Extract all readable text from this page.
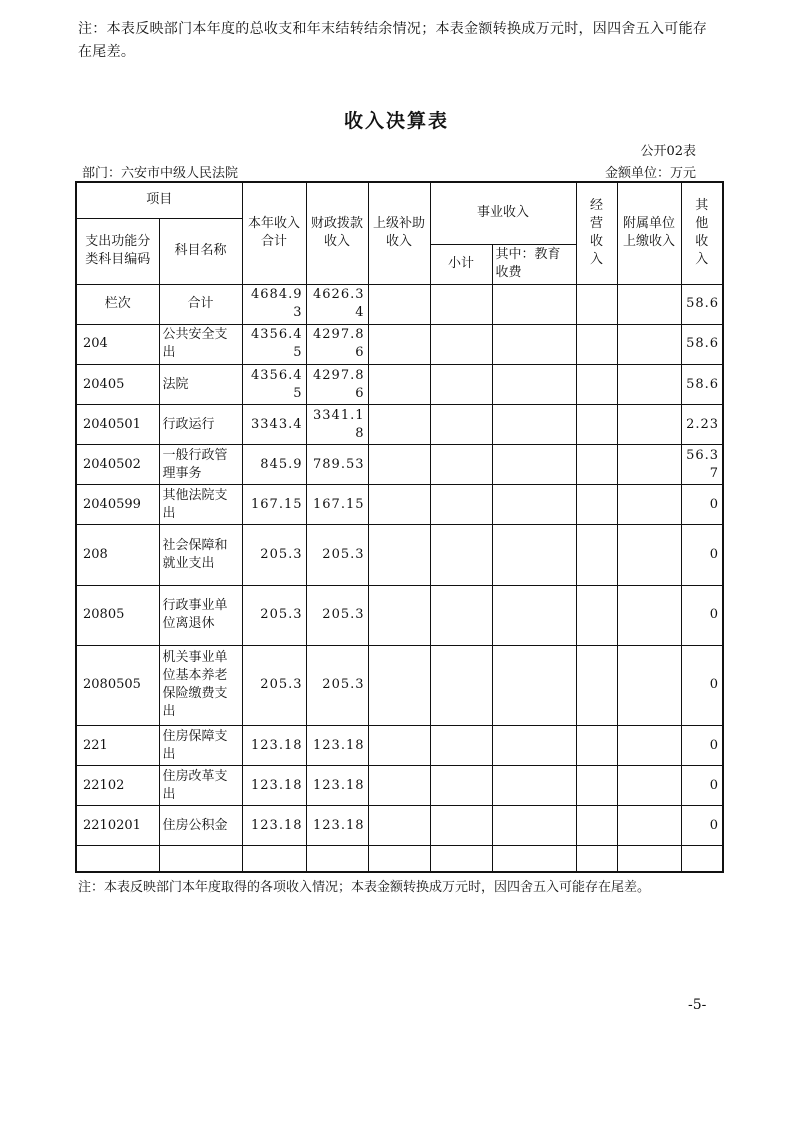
注：本表反映部门本年度的总收支和年末结转结余情况；本表金额转换成万元时，因四舍五入可能存在尾差。
收入决算表
公开02表
部门：六安市中级人民法院	金额单位：万元
项目		本年收入合计	财政拨款收入	上级补助收入	事业收入		经营收入	附属单位上缴收入	其他收入
支出功能分类科目编码	科目名称								
					小计	其中：教育收费			
栏次	合计	4684.93	4626.34						58.6
204	公共安全支出	4356.45	4297.86						58.6
20405	法院	4356.45	4297.86						58.6
2040501	行政运行	3343.4	3341.18						2.23
2040502	一般行政管理事务	845.9	789.53						56.37
2040599	其他法院支出	167.15	167.15						0
208	社会保障和就业支出	205.3	205.3						0
20805	行政事业单位离退休	205.3	205.3						0
2080505	机关事业单位基本养老保险缴费支出	205.3	205.3						0
221	住房保障支出	123.18	123.18						0
22102	住房改革支出	123.18	123.18						0
2210201	住房公积金	123.18	123.18						0

注：本表反映部门本年度取得的各项收入情况；本表金额转换成万元时，因四舍五入可能存在尾差。
-5-
